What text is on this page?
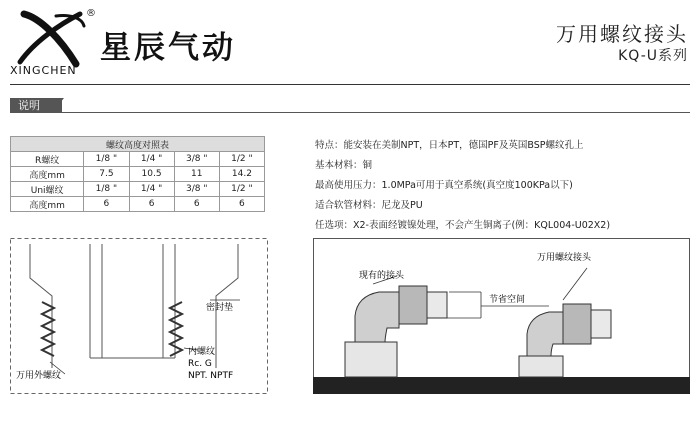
®
星辰气动
XINGCHEN
万用螺纹接头
KQ-U系列
说明
螺纹高度对照表				
R螺纹	1/8 "	1/4 "	3/8 "	1/2 "
高度mm	7.5	10.5	11	14.2
Uni螺纹	1/8 "	1/4 "	3/8 "	1/2 "
高度mm	6	6	6	6
特点：能安装在美制NPT，日本PT，德国PF及英国BSP螺纹孔上
基本材料：铜
最高使用压力：1.0MPa可用于真空系统(真空度100KPa以下)
适合软管材料：尼龙及PU
任选项：X2-表面经镀镍处理，不会产生铜离子(例：KQL004-U02X2)
密封垫
内螺纹
Rc. G
NPT. NPTF
万用外螺纹
万用螺纹接头
现有的接头
节省空间
